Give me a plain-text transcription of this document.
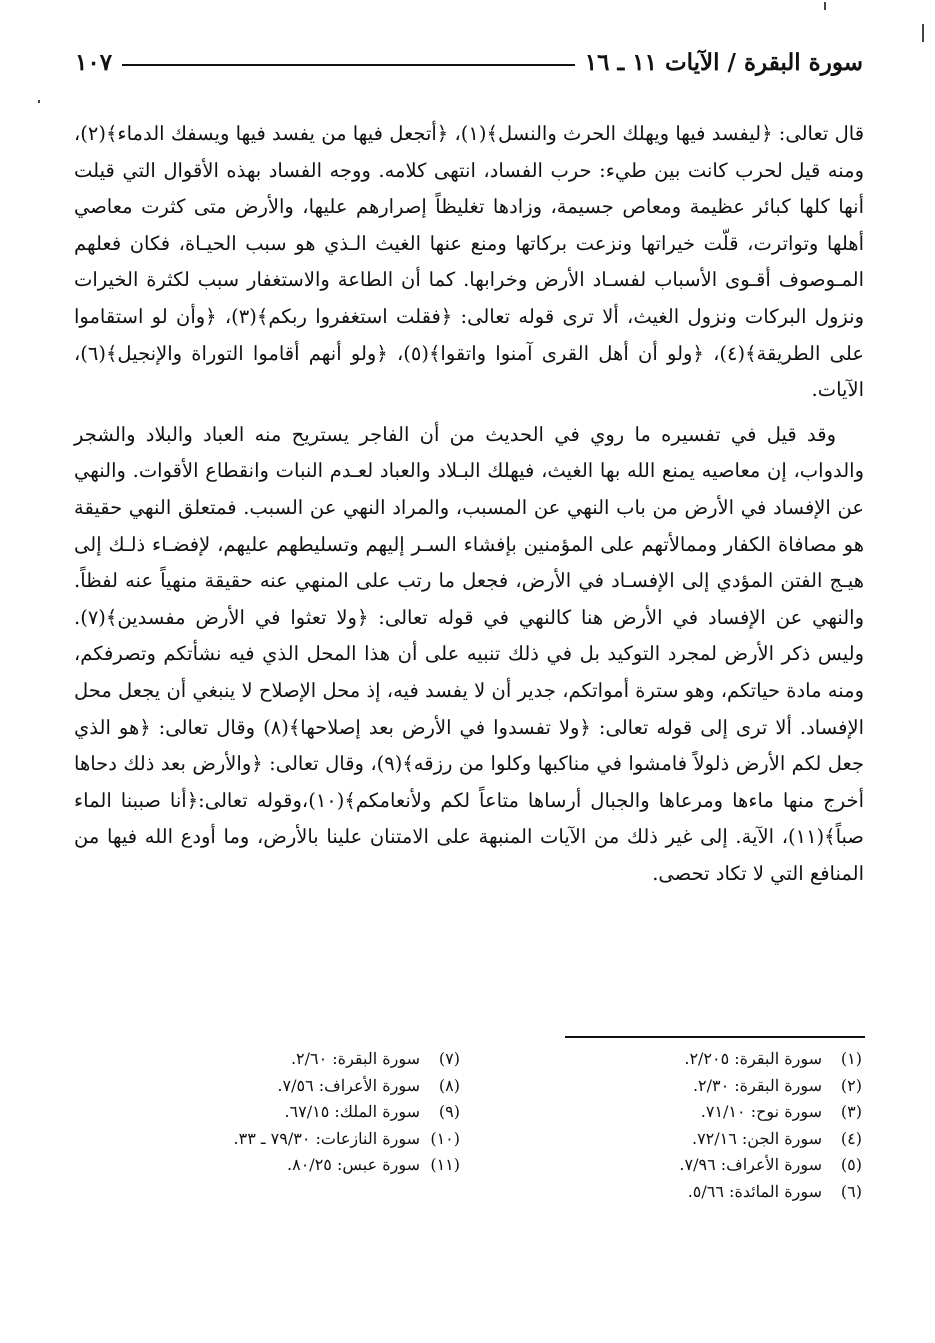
سورة البقرة / الآيات ١١ ـ ١٦
١٠٧

قال تعالى: ﴿ليفسد فيها ويهلك الحرث والنسل﴾(١)، ﴿أتجعل فيها من يفسد فيها ويسفك الدماء﴾(٢)، ومنه قيل لحرب كانت بين طيء: حرب الفساد، انتهى كلامه. ووجه الفساد بهذه الأقوال التي قيلت أنها كلها كبائر عظيمة ومعاص جسيمة، وزادها تغليظاً إصرارهم عليها، والأرض متى كثرت معاصي أهلها وتواترت، قلّت خيراتها ونزعت بركاتها ومنع عنها الغيث الـذي هو سبب الحيـاة، فكان فعلهم المـوصوف أقـوى الأسباب لفسـاد الأرض وخرابها. كما أن الطاعة والاستغفار سبب لكثرة الخيرات ونزول البركات ونزول الغيث، ألا ترى قوله تعالى: ﴿فقلت استغفروا ربكم﴾(٣)، ﴿وأن لو استقاموا على الطريقة﴾(٤)، ﴿ولو أن أهل القرى آمنوا واتقوا﴾(٥)، ﴿ولو أنهم أقاموا التوراة والإنجيل﴾(٦)، الآيات.

وقد قيل في تفسيره ما روي في الحديث من أن الفاجر يستريح منه العباد والبلاد والشجر والدواب، إن معاصيه يمنع الله بها الغيث، فيهلك البـلاد والعباد لعـدم النبات وانقطاع الأقوات. والنهي عن الإفساد في الأرض من باب النهي عن المسبب، والمراد النهي عن السبب. فمتعلق النهي حقيقة هو مصافاة الكفار وممالأتهم على المؤمنين بإفشاء السـر إليهم وتسليطهم عليهم، لإفضـاء ذلـك إلى هيـج الفتن المؤدي إلى الإفسـاد في الأرض، فجعل ما رتب على المنهي عنه حقيقة منهياً عنه لفظاً. والنهي عن الإفساد في الأرض هنا كالنهي في قوله تعالى: ﴿ولا تعثوا في الأرض مفسدين﴾(٧). وليس ذكر الأرض لمجرد التوكيد بل في ذلك تنبيه على أن هذا المحل الذي فيه نشأتكم وتصرفكم، ومنه مادة حياتكم، وهو سترة أمواتكم، جدير أن لا يفسد فيه، إذ محل الإصلاح لا ينبغي أن يجعل محل الإفساد. ألا ترى إلى قوله تعالى: ﴿ولا تفسدوا في الأرض بعد إصلاحها﴾(٨) وقال تعالى: ﴿هو الذي جعل لكم الأرض ذلولاً فامشوا في مناكبها وكلوا من رزقه﴾(٩)، وقال تعالى: ﴿والأرض بعد ذلك دحاها أخرج منها ماءها ومرعاها والجبال أرساها متاعاً لكم ولأنعامكم﴾(١٠)،وقوله تعالى:﴿أنا صببنا الماء صباً﴾(١١)، الآية. إلى غير ذلك من الآيات المنبهة على الامتنان علينا بالأرض، وما أودع الله فيها من المنافع التي لا تكاد تحصى.

(١)سورة البقرة: ٢/٢٠٥.
(٢)سورة البقرة: ٢/٣٠.
(٣)سورة نوح: ٧١/١٠.
(٤)سورة الجن: ٧٢/١٦.
(٥)سورة الأعراف: ٧/٩٦.
(٦)سورة المائدة: ٥/٦٦.
(٧)سورة البقرة: ٢/٦٠.
(٨)سورة الأعراف: ٧/٥٦.
(٩)سورة الملك: ٦٧/١٥.
(١٠)سورة النازعات: ٧٩/٣٠ ـ ٣٣.
(١١)سورة عبس: ٨٠/٢٥.
